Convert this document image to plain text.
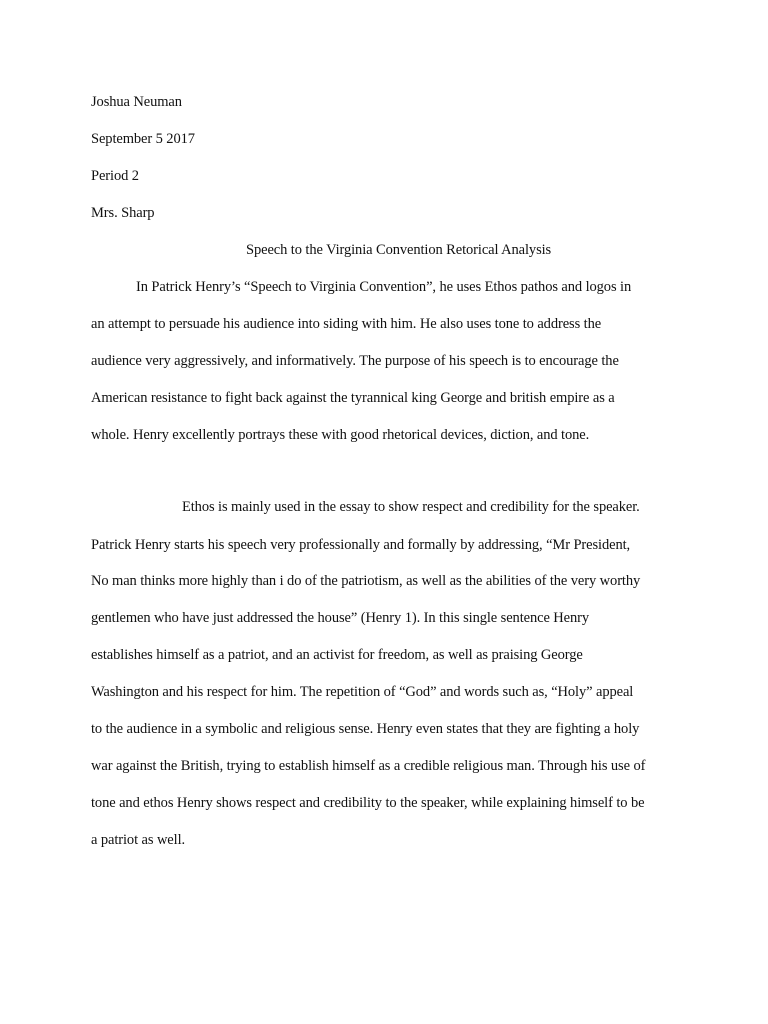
Joshua Neuman
September 5 2017
Period 2
Mrs. Sharp
Speech to the Virginia Convention Retorical Analysis
In Patrick Henry’s “Speech to Virginia Convention”, he uses Ethos pathos and logos in
an attempt to persuade his audience into siding with him. He also uses tone to address the
audience very aggressively, and informatively. The purpose of his speech is to encourage the
American resistance to fight back against the tyrannical king George and british empire as a
whole. Henry excellently portrays these with good rhetorical devices, diction, and tone.
Ethos is mainly used in the essay to show respect and credibility for the speaker.
Patrick Henry starts his speech very professionally and formally by addressing, “Mr President,
No man thinks more highly than i do of the patriotism, as well as the abilities of the very worthy
gentlemen who have just addressed the house” (Henry 1). In this single sentence Henry
establishes himself as a patriot, and an activist for freedom, as well as praising George
Washington and his respect for him. The repetition of “God” and words such as, “Holy” appeal
to the audience in a symbolic and religious sense. Henry even states that they are fighting a holy
war against the British, trying to establish himself as a credible religious man. Through his use of
tone and ethos Henry shows respect and credibility to the speaker, while explaining himself to be
a patriot as well.
